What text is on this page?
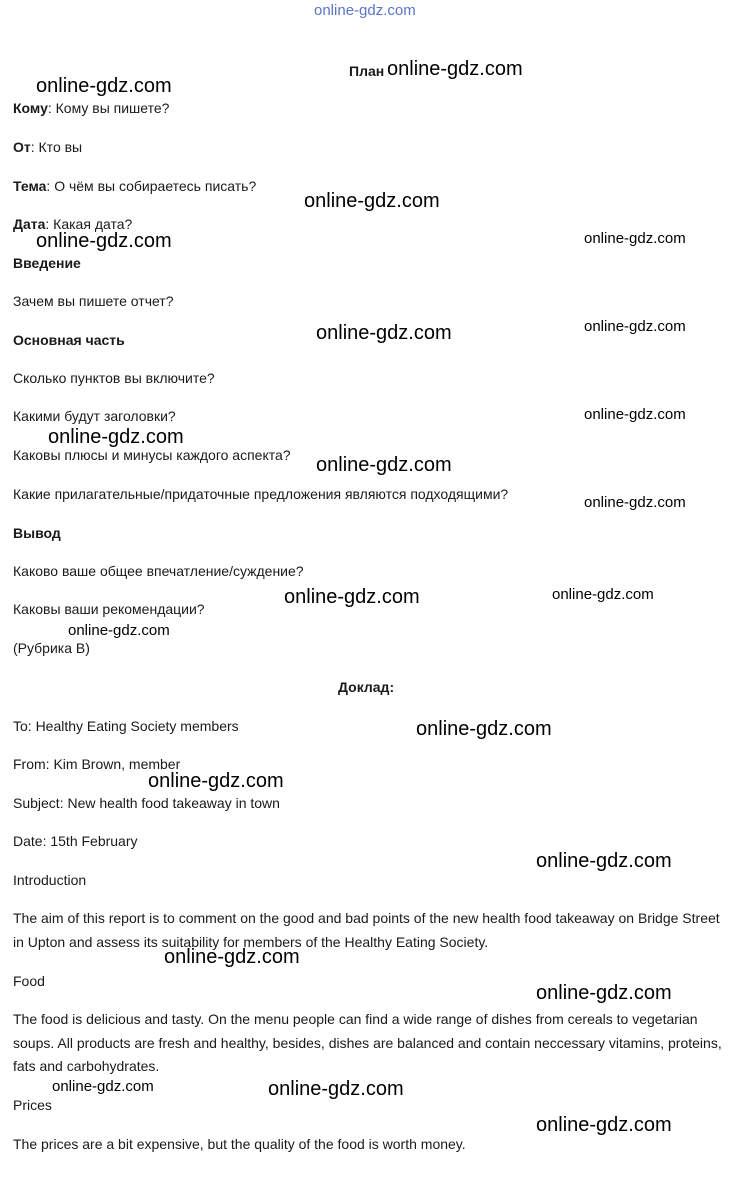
online-gdz.com
План
Кому: Кому вы пишете?
От: Кто вы
Тема: О чём вы собираетесь писать?
Дата: Какая дата?
Введение
Зачем вы пишете отчет?
Основная часть
Сколько пунктов вы включите?
Какими будут заголовки?
Каковы плюсы и минусы каждого аспекта?
Какие прилагательные/придаточные предложения являются подходящими?
Вывод
Каково ваше общее впечатление/суждение?
Каковы ваши рекомендации?
(Рубрика В)
Доклад:
To: Healthy Eating Society members
From: Kim Brown, member
Subject: New health food takeaway in town
Date: 15th February
Introduction
The aim of this report is to comment on the good and bad points of the new health food takeaway on Bridge Street in Upton and assess its suitability for members of the Healthy Eating Society.
Food
The food is delicious and tasty. On the menu people can find a wide range of dishes from cereals to vegetarian soups. All products are fresh and healthy, besides, dishes are balanced and contain neccessary vitamins, proteins, fats and carbohydrates.
Prices
The prices are a bit expensive, but the quality of the food is worth money.
online-gdz.com
online-gdz.com
online-gdz.com
online-gdz.com	online-gdz.com
online-gdz.com	online-gdz.com
online-gdz.com
online-gdz.com
online-gdz.com
online-gdz.com
online-gdz.com	online-gdz.com
online-gdz.com
online-gdz.com
online-gdz.com
online-gdz.com
online-gdz.com
online-gdz.com
online-gdz.com	online-gdz.com
online-gdz.com
